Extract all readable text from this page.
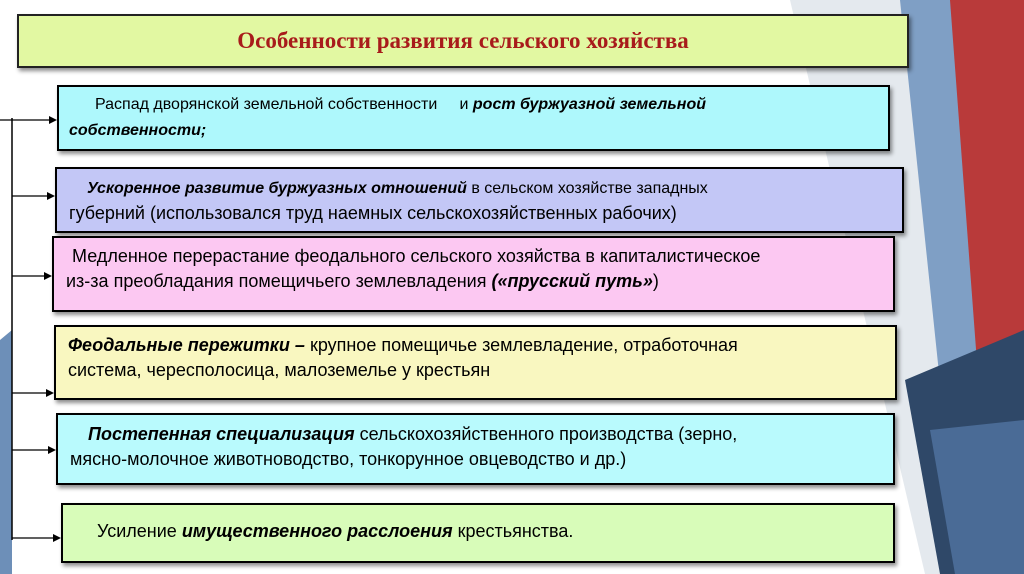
Особенности развития сельского хозяйства
Распад дворянской земельной собственности     и рост буржуазной земельной
собственности;
Ускоренное развитие буржуазных отношений в сельском хозяйстве западных
губерний (использовался труд наемных сельскохозяйственных рабочих)
Медленное перерастание феодального сельского хозяйства в капиталистическое
из-за преобладания помещичьего землевладения («прусский путь»)
Феодальные пережитки – крупное помещичье землевладение, отработочная
система, чересполосица, малоземелье у крестьян
Постепенная специализация сельскохозяйственного производства (зерно,
мясно-молочное животноводство, тонкорунное овцеводство и др.)
Усиление имущественного расслоения крестьянства.
